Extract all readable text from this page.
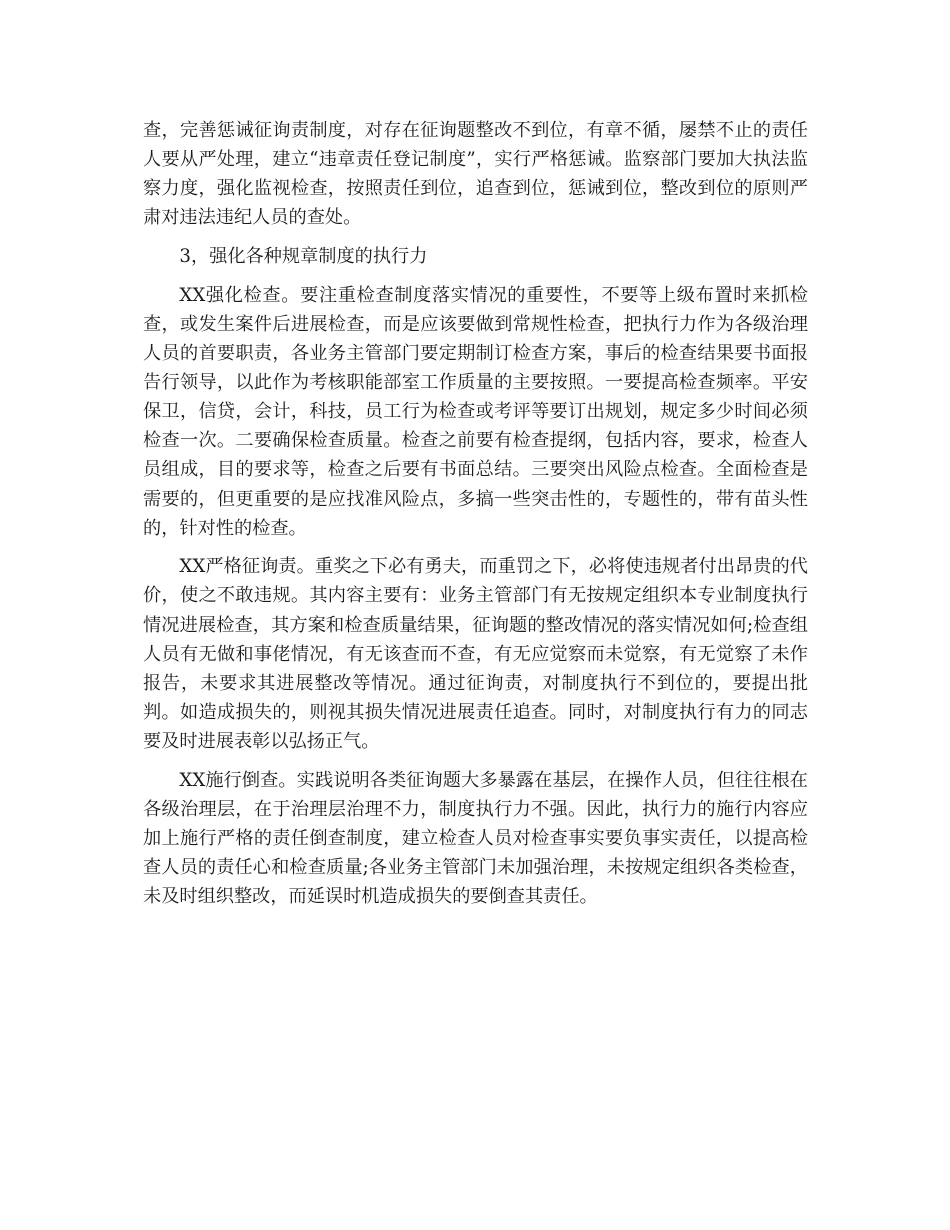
查，完善惩诫征询责制度，对存在征询题整改不到位，有章不循，屡禁不止的责任人要从严处理，建立“违章责任登记制度”，实行严格惩诫。监察部门要加大执法监察力度，强化监视检查，按照责任到位，追查到位，惩诫到位，整改到位的原则严肃对违法违纪人员的查处。

3，强化各种规章制度的执行力

XX强化检查。要注重检查制度落实情况的重要性，不要等上级布置时来抓检查，或发生案件后进展检查，而是应该要做到常规性检查，把执行力作为各级治理人员的首要职责，各业务主管部门要定期制订检查方案，事后的检查结果要书面报告行领导，以此作为考核职能部室工作质量的主要按照。一要提高检查频率。平安保卫，信贷，会计，科技，员工行为检查或考评等要订出规划，规定多少时间必须检查一次。二要确保检查质量。检查之前要有检查提纲，包括内容，要求，检查人员组成，目的要求等，检查之后要有书面总结。三要突出风险点检查。全面检查是需要的，但更重要的是应找准风险点，多搞一些突击性的，专题性的，带有苗头性的，针对性的检查。

XX严格征询责。重奖之下必有勇夫，而重罚之下，必将使违规者付出昂贵的代价，使之不敢违规。其内容主要有：业务主管部门有无按规定组织本专业制度执行情况进展检查，其方案和检查质量结果，征询题的整改情况的落实情况如何;检查组人员有无做和事佬情况，有无该查而不查，有无应觉察而未觉察，有无觉察了未作报告，未要求其进展整改等情况。通过征询责，对制度执行不到位的，要提出批判。如造成损失的，则视其损失情况进展责任追查。同时，对制度执行有力的同志要及时进展表彰以弘扬正气。

XX施行倒查。实践说明各类征询题大多暴露在基层，在操作人员，但往往根在各级治理层，在于治理层治理不力，制度执行力不强。因此，执行力的施行内容应加上施行严格的责任倒查制度，建立检查人员对检查事实要负事实责任，以提高检查人员的责任心和检查质量;各业务主管部门未加强治理，未按规定组织各类检查，未及时组织整改，而延误时机造成损失的要倒查其责任。
